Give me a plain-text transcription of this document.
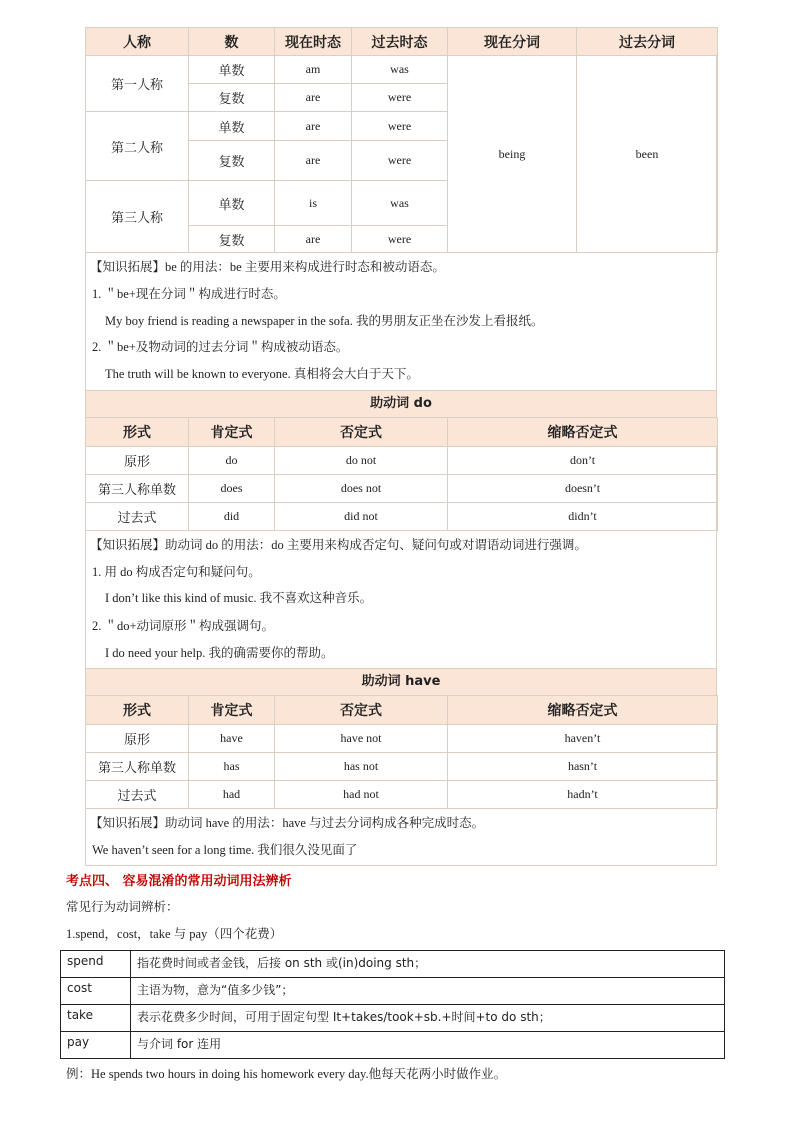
人称	数	现在时态	过去时态	现在分词	过去分词
第一人称	单数	am	was	being	been
	复数	are	were		
第二人称	单数	are	were		
	复数	are	were		
第三人称	单数	is	was		
	复数	are	were		
【知识拓展】be 的用法：be 主要用来构成进行时态和被动语态。
1. ＂be+现在分词＂构成进行时态。
My boy friend is reading a newspaper in the sofa. 我的男朋友正坐在沙发上看报纸。
2. ＂be+及物动词的过去分词＂构成被动语态。
The truth will be known to everyone. 真相将会大白于天下。
助动词 do
形式	肯定式	否定式	缩略否定式
原形	do	do not	don’t
第三人称单数	does	does not	doesn’t
过去式	did	did not	didn’t
【知识拓展】助动词 do 的用法：do 主要用来构成否定句、疑问句或对谓语动词进行强调。
1. 用 do 构成否定句和疑问句。
I don’t like this kind of music. 我不喜欢这种音乐。
2. ＂do+动词原形＂构成强调句。
I do need your help. 我的确需要你的帮助。
助动词 have
形式	肯定式	否定式	缩略否定式
原形	have	have not	haven’t
第三人称单数	has	has not	hasn’t
过去式	had	had not	hadn’t
【知识拓展】助动词 have 的用法：have 与过去分词构成各种完成时态。
We haven’t seen for a long time. 我们很久没见面了
考点四、 容易混淆的常用动词用法辨析
常见行为动词辨析：
1.spend，cost，take 与 pay（四个花费）
spend	指花费时间或者金钱，后接 on sth 或(in)doing sth；
cost	主语为物，意为“值多少钱”；
take	表示花费多少时间，可用于固定句型 It+takes/took+sb.+时间+to do sth；
pay	与介词 for 连用
例：He spends two hours in doing his homework every day.他每天花两小时做作业。
